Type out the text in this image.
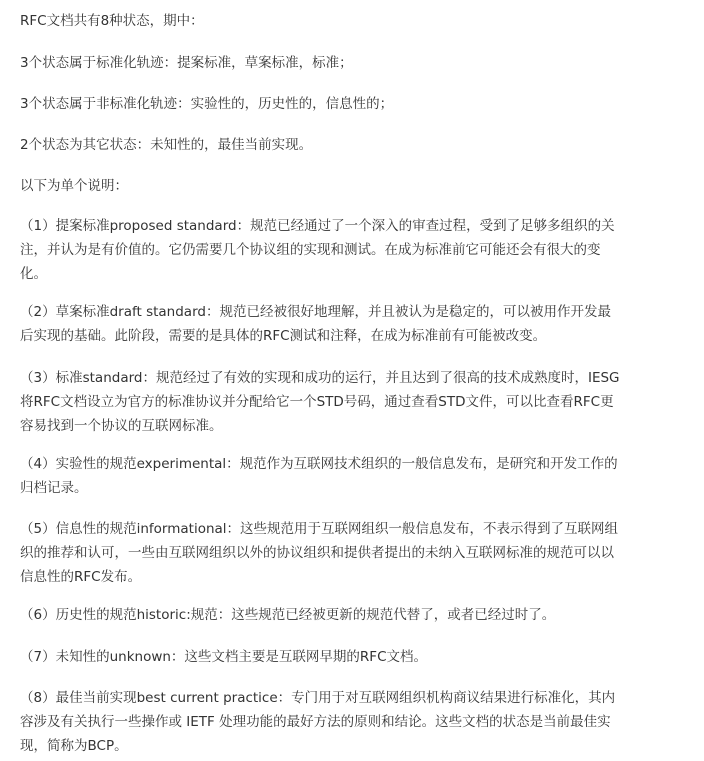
RFC文档共有8种状态，期中：

3个状态属于标准化轨迹：提案标准，草案标准，标准；

3个状态属于非标准化轨迹：实验性的，历史性的，信息性的；

2个状态为其它状态：未知性的，最佳当前实现。

以下为单个说明：

（1）提案标准proposed standard：规范已经通过了一个深入的审查过程，受到了足够多组织的关
注，并认为是有价值的。它仍需要几个协议组的实现和测试。在成为标准前它可能还会有很大的变
化。
（2）草案标准draft standard：规范已经被很好地理解，并且被认为是稳定的，可以被用作开发最
后实现的基础。此阶段，需要的是具体的RFC测试和注释，在成为标准前有可能被改变。
（3）标准standard：规范经过了有效的实现和成功的运行，并且达到了很高的技术成熟度时，IESG
将RFC文档设立为官方的标准协议并分配给它一个STD号码，通过查看STD文件，可以比查看RFC更
容易找到一个协议的互联网标准。
（4）实验性的规范experimental：规范作为互联网技术组织的一般信息发布，是研究和开发工作的
归档记录。
（5）信息性的规范informational：这些规范用于互联网组织一般信息发布，不表示得到了互联网组
织的推荐和认可，一些由互联网组织以外的协议组织和提供者提出的未纳入互联网标准的规范可以以
信息性的RFC发布。
（6）历史性的规范historic:规范：这些规范已经被更新的规范代替了，或者已经过时了。
（7）未知性的unknown：这些文档主要是互联网早期的RFC文档。
（8）最佳当前实现best current practice：专门用于对互联网组织机构商议结果进行标准化，其内
容涉及有关执行一些操作或 IETF 处理功能的最好方法的原则和结论。这些文档的状态是当前最佳实
现，简称为BCP。
